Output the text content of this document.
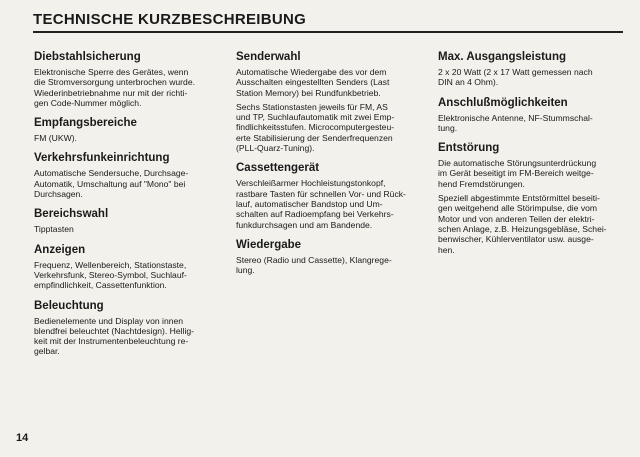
TECHNISCHE KURZBESCHREIBUNG
Diebstahlsicherung
Elektronische Sperre des Gerätes, wenn
die Stromversorgung unterbrochen wurde.
Wiederinbetriebnahme nur mit der richti-
gen Code-Nummer möglich.
Empfangsbereiche
FM (UKW).
Verkehrsfunkeinrichtung
Automatische Sendersuche, Durchsage-
Automatik, Umschaltung auf "Mono" bei
Durchsagen.
Bereichswahl
Tipptasten
Anzeigen
Frequenz, Wellenbereich, Stationstaste,
Verkehrsfunk, Stereo-Symbol, Suchlauf-
empfindlichkeit, Cassettenfunktion.
Beleuchtung
Bedienelemente und Display von innen
blendfrei beleuchtet (Nachtdesign). Hellig-
keit mit der Instrumentenbeleuchtung re-
gelbar.
Senderwahl
Automatische Wiedergabe des vor dem
Ausschalten eingestellten Senders (Last
Station Memory) bei Rundfunkbetrieb.
Sechs Stationstasten jeweils für FM, AS
und TP, Suchlaufautomatik mit zwei Emp-
findlichkeitsstufen. Microcomputergesteu-
erte Stabilisierung der Senderfrequenzen
(PLL-Quarz-Tuning).
Cassettengerät
Verschleißarmer Hochleistungstonkopf,
rastbare Tasten für schnellen Vor- und Rück-
lauf, automatischer Bandstop und Um-
schalten auf Radioempfang bei Verkehrs-
funkdurchsagen und am Bandende.
Wiedergabe
Stereo (Radio und Cassette), Klangrege-
lung.
Max. Ausgangsleistung
2 x 20 Watt (2 x 17 Watt gemessen nach
DIN an 4 Ohm).
Anschlußmöglichkeiten
Elektronische Antenne, NF-Stummschal-
tung.
Entstörung
Die automatische Störungsunterdrückung
im Gerät beseitigt im FM-Bereich weitge-
hend Fremdstörungen.
Speziell abgestimmte Entstörmittel beseiti-
gen weitgehend alle Störimpulse, die vom
Motor und von anderen Teilen der elektri-
schen Anlage, z.B. Heizungsgebläse, Schei-
benwischer, Kühlerventilator usw. ausge-
hen.
14
